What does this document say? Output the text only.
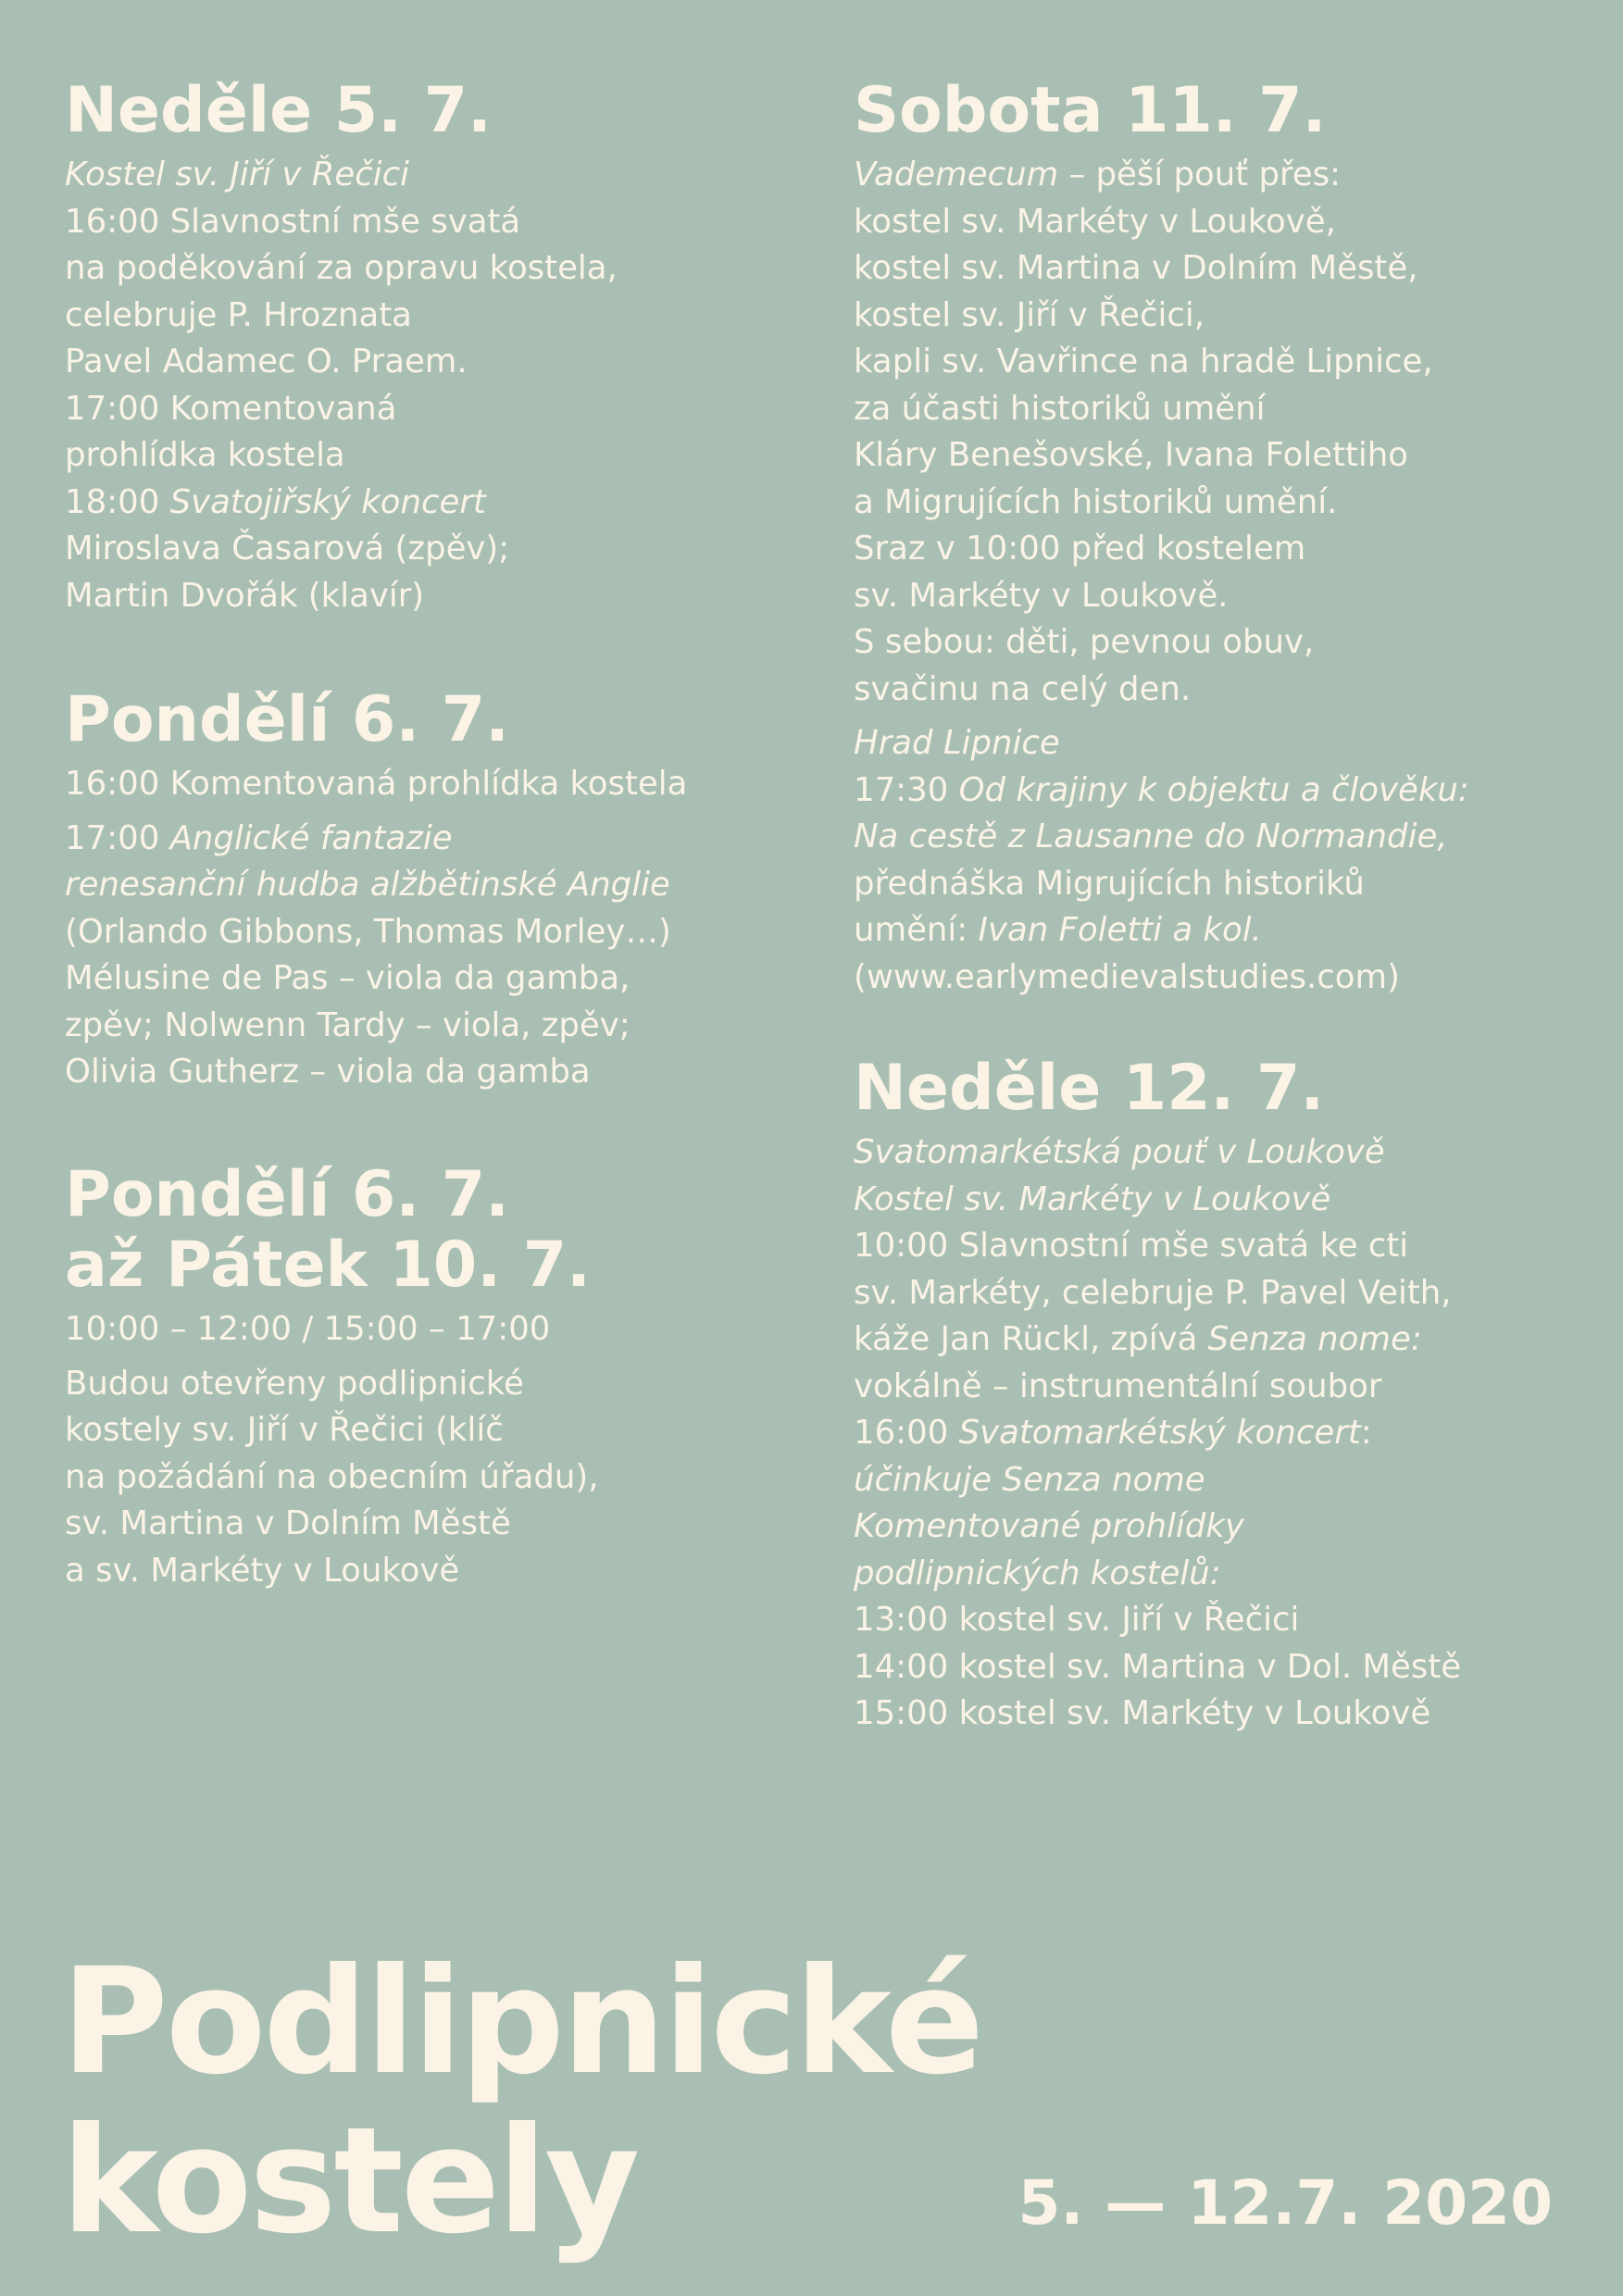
Neděle 5. 7.
Kostel sv. Jiří v Řečici
16:00 Slavnostní mše svatá
na poděkování za opravu kostela,
celebruje P. Hroznata
Pavel Adamec O. Praem.
17:00 Komentovaná
prohlídka kostela
18:00 Svatojiřský koncert
Miroslava Časarová (zpěv);
Martin Dvořák (klavír)
Pondělí 6. 7.
16:00 Komentovaná prohlídka kostela
17:00 Anglické fantazie
renesanční hudba alžbětinské Anglie
(Orlando Gibbons, Thomas Morley…)
Mélusine de Pas – viola da gamba,
zpěv; Nolwenn Tardy – viola, zpěv;
Olivia Gutherz – viola da gamba
Pondělí 6. 7.
až Pátek 10. 7.
10:00 – 12:00 / 15:00 – 17:00
Budou otevřeny podlipnické
kostely sv. Jiří v Řečici (klíč
na požádání na obecním úřadu),
sv. Martina v Dolním Městě
a sv. Markéty v Loukově
Sobota 11. 7.
Vademecum – pěší pouť přes:
kostel sv. Markéty v Loukově,
kostel sv. Martina v Dolním Městě,
kostel sv. Jiří v Řečici,
kapli sv. Vavřince na hradě Lipnice,
za účasti historiků umění
Kláry Benešovské, Ivana Folettiho
a Migrujících historiků umění.
Sraz v 10:00 před kostelem
sv. Markéty v Loukově.
S sebou: děti, pevnou obuv,
svačinu na celý den.
Hrad Lipnice
17:30 Od krajiny k objektu a člověku:
Na cestě z Lausanne do Normandie,
přednáška Migrujících historiků
umění: Ivan Foletti a kol.
(www.earlymedievalstudies.com)
Neděle 12. 7.
Svatomarkétská pouť v Loukově
Kostel sv. Markéty v Loukově
10:00 Slavnostní mše svatá ke cti
sv. Markéty, celebruje P. Pavel Veith,
káže Jan Rückl, zpívá Senza nome:
vokálně – instrumentální soubor
16:00 Svatomarkétský koncert:
účinkuje Senza nome
Komentované prohlídky
podlipnických kostelů:
13:00 kostel sv. Jiří v Řečici
14:00 kostel sv. Martina v Dol. Městě
15:00 kostel sv. Markéty v Loukově
Podlipnické
kostely	5. — 12.7. 2020
